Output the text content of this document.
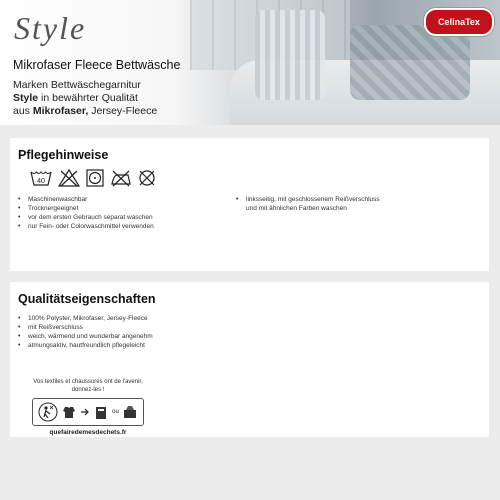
Style
Mikrofaser Fleece Bettwäsche
Marken Bettwäschegarnitur
Style in bewährter Qualität
aus Mikrofaser, Jersey-Fleece
CelinaTex
Pflegehinweise
40
• Maschinenwaschbar
• Trocknergeeignet
• vor dem ersten Gebrauch separat waschen
• nur Fein- oder Colorwaschmittel verwenden
• linksseitig, mit geschlossenem Reißverschluss und mit ähnlichen Farben waschen
Qualitätseigenschaften
• 100% Polyster, Mikrofaser, Jersey-Fleece
• mit Reißverschluss
• weich, wärmend und wunderbar angenehm
• atmungsaktiv, hautfreundlich pflegeleicht
Vos textiles et chaussures ont de l'avenir, donnez-les !
ou
quefairedemesdechets.fr
